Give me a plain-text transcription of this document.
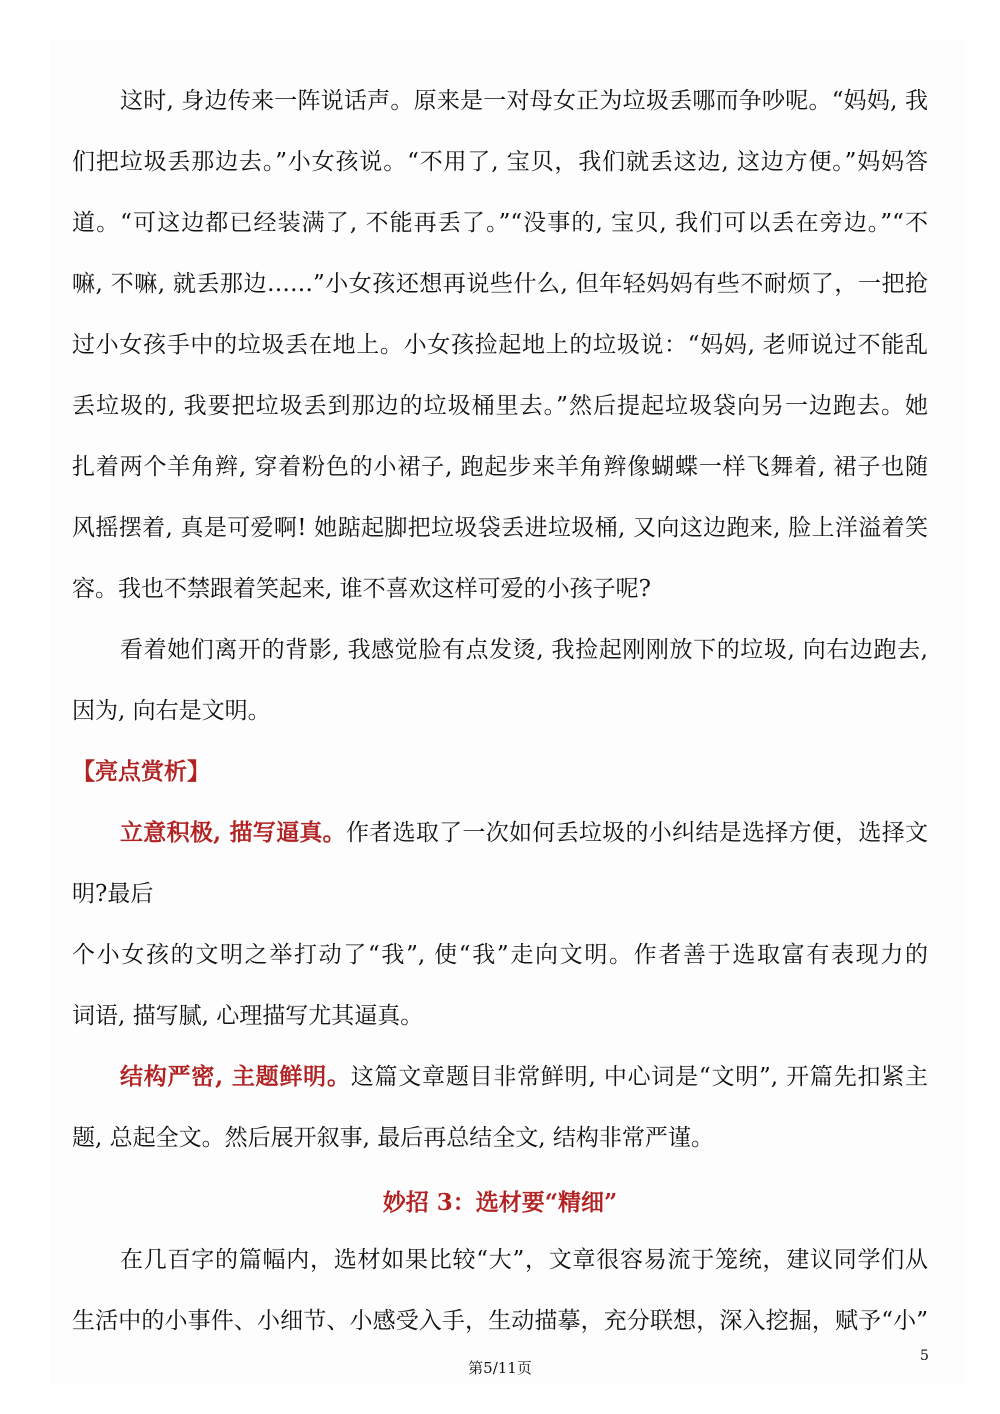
这时, 身边传来一阵说话声。原来是一对母女正为垃圾丢哪而争吵呢。“妈妈, 我
们把垃圾丢那边去。”小女孩说。“不用了, 宝贝，我们就丢这边, 这边方便。”妈妈答
道。“可这边都已经装满了, 不能再丢了。”“没事的, 宝贝, 我们可以丢在旁边。”“不
嘛, 不嘛, 就丢那边……”小女孩还想再说些什么, 但年轻妈妈有些不耐烦了，一把抢
过小女孩手中的垃圾丢在地上。小女孩捡起地上的垃圾说：“妈妈, 老师说过不能乱
丢垃圾的, 我要把垃圾丢到那边的垃圾桶里去。”然后提起垃圾袋向另一边跑去。她
扎着两个羊角辫, 穿着粉色的小裙子, 跑起步来羊角辫像蝴蝶一样飞舞着, 裙子也随
风摇摆着, 真是可爱啊! 她踮起脚把垃圾袋丢进垃圾桶, 又向这边跑来, 脸上洋溢着笑
容。我也不禁跟着笑起来, 谁不喜欢这样可爱的小孩子呢?
看着她们离开的背影, 我感觉脸有点发烫, 我捡起刚刚放下的垃圾, 向右边跑去,
因为, 向右是文明。
【亮点赏析】
立意积极, 描写逼真。作者选取了一次如何丢垃圾的小纠结是选择方便，选择文
明?最后
个小女孩的文明之举打动了“我”, 使“我”走向文明。作者善于选取富有表现力的
词语, 描写腻, 心理描写尤其逼真。
结构严密, 主题鲜明。这篇文章题目非常鲜明, 中心词是“文明”, 开篇先扣紧主
题, 总起全文。然后展开叙事, 最后再总结全文, 结构非常严谨。
妙招 3：选材要“精细”
在几百字的篇幅内，选材如果比较“大”，文章很容易流于笼统，建议同学们从
生活中的小事件、小细节、小感受入手，生动描摹，充分联想，深入挖掘，赋予“小”
第5/11页
5
